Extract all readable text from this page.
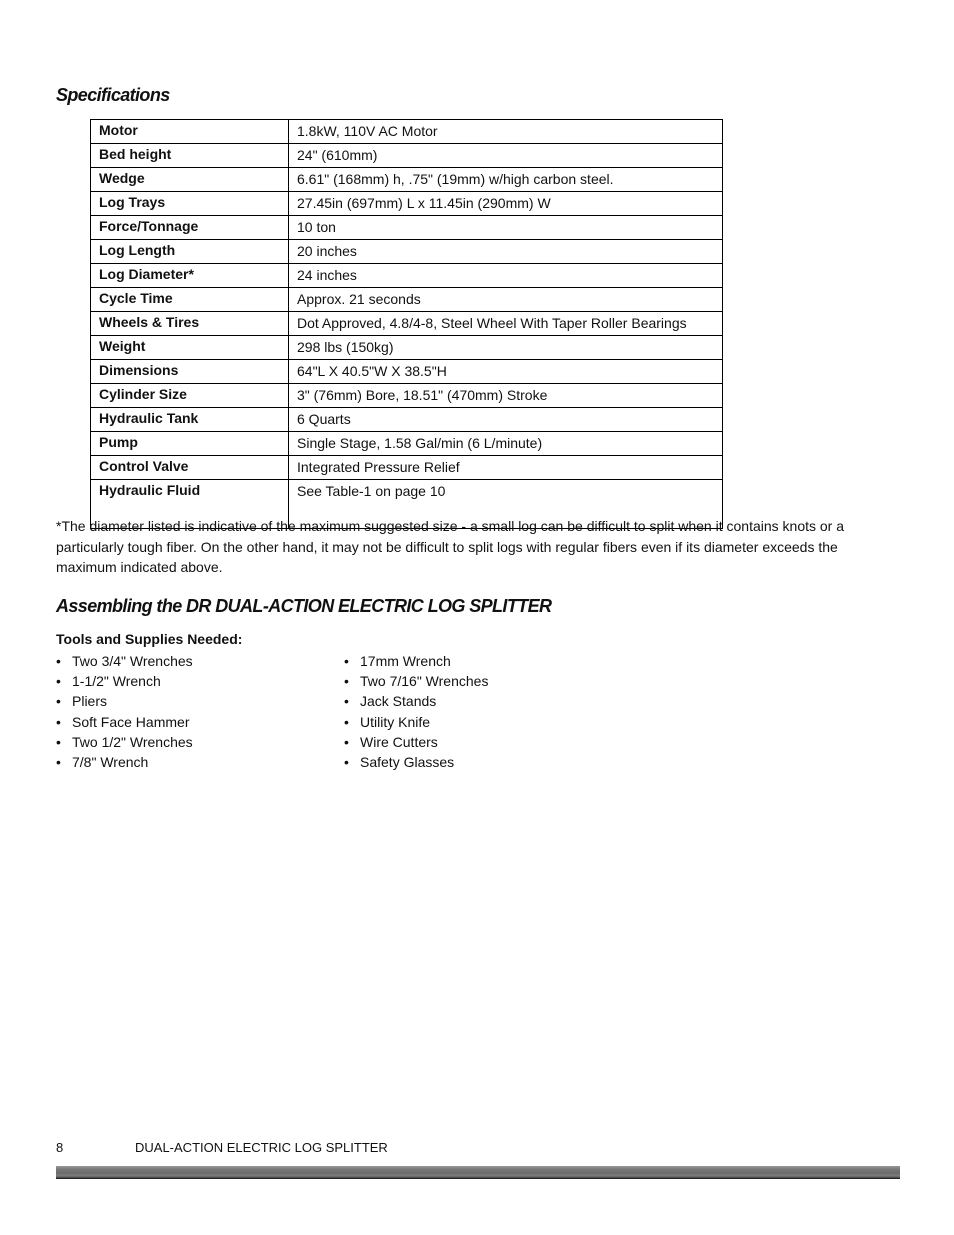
Specifications
Motor	1.8kW, 110V AC Motor
Bed height	24" (610mm)
Wedge	6.61" (168mm) h, .75" (19mm) w/high carbon steel.
Log Trays	27.45in (697mm) L x 11.45in (290mm) W
Force/Tonnage	10 ton
Log Length	20 inches
Log Diameter*	24 inches
Cycle Time	Approx. 21 seconds
Wheels & Tires	Dot Approved, 4.8/4-8, Steel Wheel With Taper Roller Bearings
Weight	298 lbs (150kg)
Dimensions	64"L X 40.5"W X 38.5"H
Cylinder Size	3" (76mm) Bore, 18.51" (470mm) Stroke
Hydraulic Tank	6 Quarts
Pump	Single Stage, 1.58 Gal/min (6 L/minute)
Control Valve	Integrated Pressure Relief
Hydraulic Fluid	See Table-1 on page 10

*The diameter listed is indicative of the maximum suggested size - a small log can be difficult to split when it contains knots or a particularly tough fiber. On the other hand, it may not be difficult to split logs with regular fibers even if its diameter exceeds the maximum indicated above.

Assembling the DR DUAL-ACTION ELECTRIC LOG SPLITTER

Tools and Supplies Needed:

• Two 3/4" Wrenches
• 1-1/2" Wrench
• Pliers
• Soft Face Hammer
• Two 1/2" Wrenches
• 7/8" Wrench
• 17mm Wrench
• Two 7/16" Wrenches
• Jack Stands
• Utility Knife
• Wire Cutters
• Safety Glasses
8	DUAL-ACTION ELECTRIC LOG SPLITTER
